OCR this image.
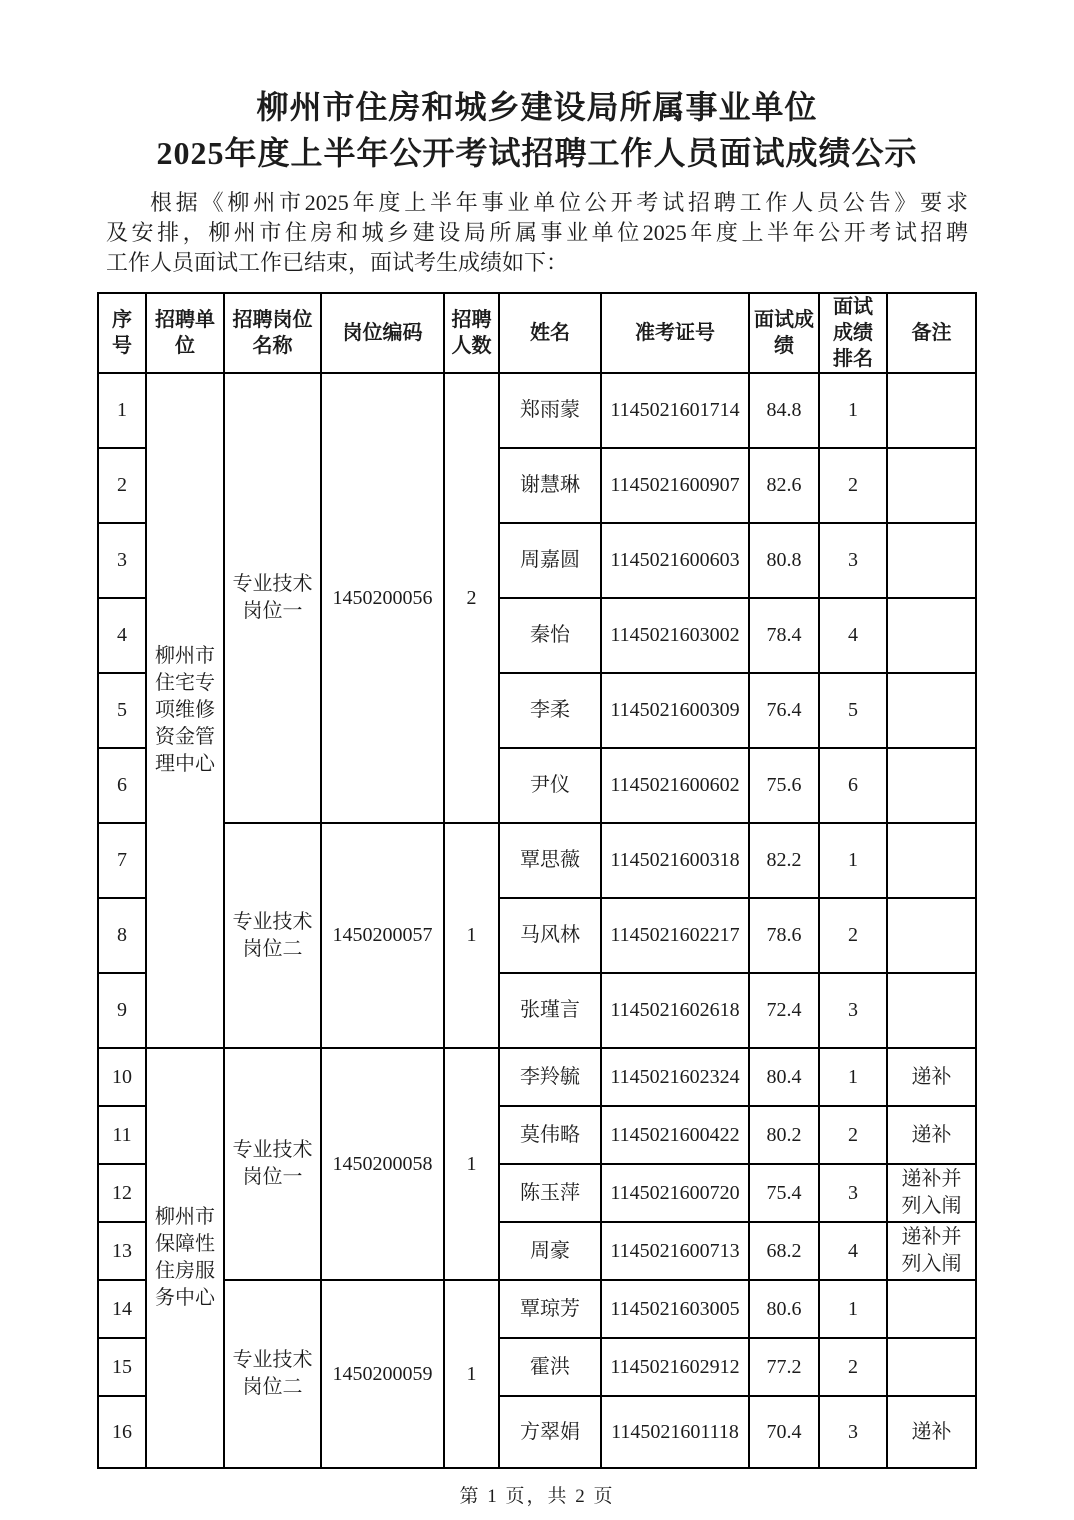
柳州市住房和城乡建设局所属事业单位
2025年度上半年公开考试招聘工作人员面试成绩公示
根据《柳州市2025年度上半年事业单位公开考试招聘工作人员公告》要求
及安排，柳州市住房和城乡建设局所属事业单位2025年度上半年公开考试招聘
工作人员面试工作已结束，面试考生成绩如下：
序号	招聘单位	招聘岗位名称	岗位编码	招聘人数	姓名	准考证号	面试成绩	面试成绩排名	备注
1	柳州市住宅专项维修资金管理中心	专业技术岗位一	1450200056	2	郑雨蒙	1145021601714	84.8	1	
2					谢慧琳	1145021600907	82.6	2	
3					周嘉圆	1145021600603	80.8	3	
4					秦怡	1145021603002	78.4	4	
5					李柔	1145021600309	76.4	5	
6					尹仪	1145021600602	75.6	6	
7		专业技术岗位二	1450200057	1	覃思薇	1145021600318	82.2	1	
8					马风林	1145021602217	78.6	2	
9					张瑾言	1145021602618	72.4	3	
10	柳州市保障性住房服务中心	专业技术岗位一	1450200058	1	李羚毓	1145021602324	80.4	1	递补
11					莫伟略	1145021600422	80.2	2	递补
12					陈玉萍	1145021600720	75.4	3	递补并列入闱
13					周豪	1145021600713	68.2	4	递补并列入闱
14		专业技术岗位二	1450200059	1	覃琼芳	1145021603005	80.6	1	
15					霍洪	1145021602912	77.2	2	
16					方翠娟	1145021601118	70.4	3	递补
第 1 页，共 2 页
